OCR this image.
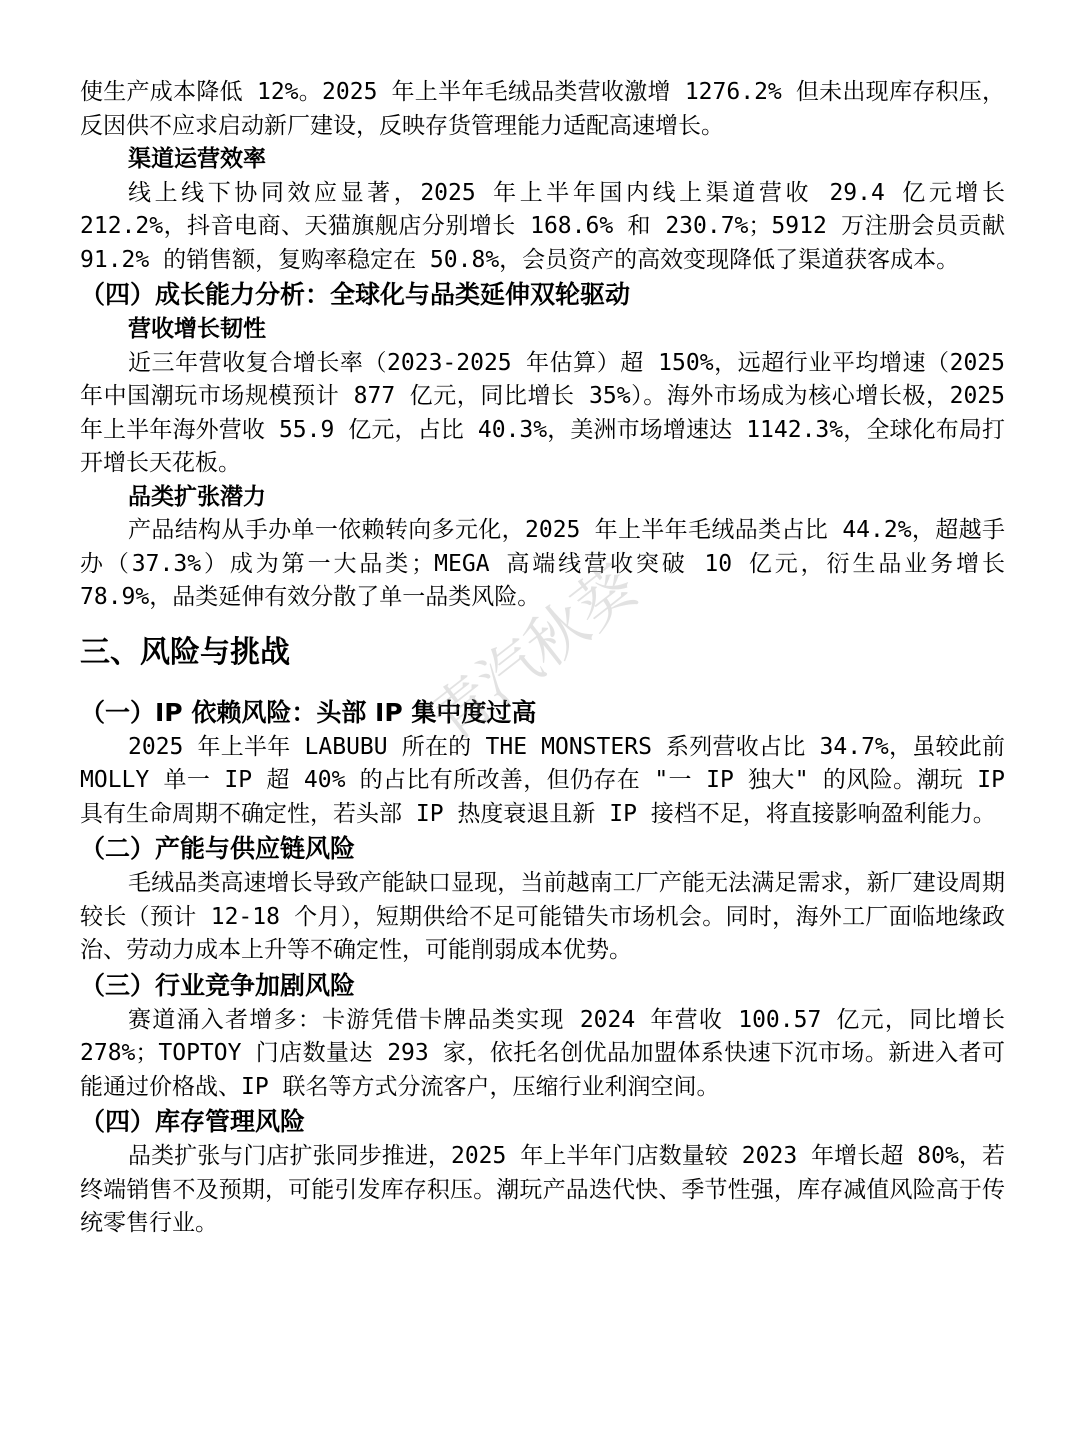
使生产成本降低 12%。2025 年上半年毛绒品类营收激增 1276.2% 但未出现库存积压，反因供不应求启动新厂建设，反映存货管理能力适配高速增长。

渠道运营效率

线上线下协同效应显著，2025 年上半年国内线上渠道营收 29.4 亿元增长 212.2%，抖音电商、天猫旗舰店分别增长 168.6% 和 230.7%；5912 万注册会员贡献 91.2% 的销售额，复购率稳定在 50.8%，会员资产的高效变现降低了渠道获客成本。

（四）成长能力分析：全球化与品类延伸双轮驱动

营收增长韧性

近三年营收复合增长率（2023-2025 年估算）超 150%，远超行业平均增速（2025 年中国潮玩市场规模预计 877 亿元，同比增长 35%）。海外市场成为核心增长极，2025 年上半年海外营收 55.9 亿元，占比 40.3%，美洲市场增速达 1142.3%，全球化布局打开增长天花板。

品类扩张潜力

产品结构从手办单一依赖转向多元化，2025 年上半年毛绒品类占比 44.2%，超越手办（37.3%）成为第一大品类；MEGA 高端线营收突破 10 亿元，衍生品业务增长 78.9%，品类延伸有效分散了单一品类风险。

三、风险与挑战

（一）IP 依赖风险：头部 IP 集中度过高

2025 年上半年 LABUBU 所在的 THE MONSTERS 系列营收占比 34.7%，虽较此前 MOLLY 单一 IP 超 40% 的占比有所改善，但仍存在 "一 IP 独大" 的风险。潮玩 IP 具有生命周期不确定性，若头部 IP 热度衰退且新 IP 接档不足，将直接影响盈利能力。

（二）产能与供应链风险

毛绒品类高速增长导致产能缺口显现，当前越南工厂产能无法满足需求，新厂建设周期较长（预计 12-18 个月），短期供给不足可能错失市场机会。同时，海外工厂面临地缘政治、劳动力成本上升等不确定性，可能削弱成本优势。

（三）行业竞争加剧风险

赛道涌入者增多：卡游凭借卡牌品类实现 2024 年营收 100.57 亿元，同比增长 278%；TOPTOY 门店数量达 293 家，依托名创优品加盟体系快速下沉市场。新进入者可能通过价格战、IP 联名等方式分流客户，压缩行业利润空间。

（四）库存管理风险

品类扩张与门店扩张同步推进，2025 年上半年门店数量较 2023 年增长超 80%，若终端销售不及预期，可能引发库存积压。潮玩产品迭代快、季节性强，库存减值风险高于传统零售行业。

青汽秋葵
